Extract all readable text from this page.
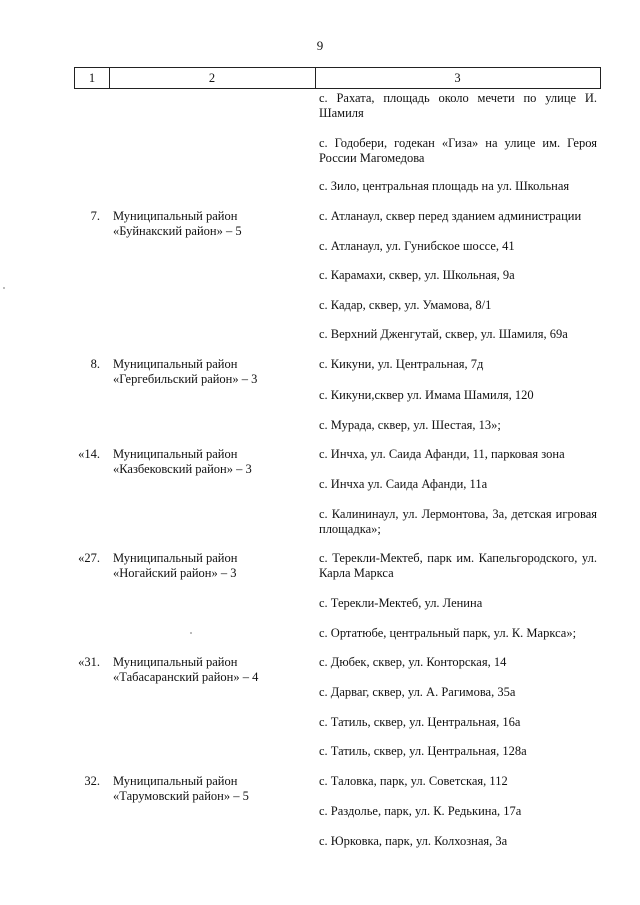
9
1	2	3
с. Рахата, площадь около мечети по улице И. Шамиля
с. Годобери, годекан «Гиза» на улице им. Героя России Магомедова
с. Зило, центральная площадь на ул. Школьная
7. Муниципальный район
«Буйнакский район» – 5
с. Атланаул, сквер перед зданием администрации
с. Атланаул, ул. Гунибское шоссе, 41
с. Карамахи, сквер, ул. Школьная, 9а
с. Кадар, сквер, ул. Умамова, 8/1
с. Верхний Дженгутай, сквер, ул. Шамиля, 69а
8. Муниципальный район
«Гергебильский район» – 3
с. Кикуни, ул. Центральная, 7д
с. Кикуни,сквер ул. Имама Шамиля, 120
с. Мурада, сквер, ул. Шестая, 13»;
«14. Муниципальный район
«Казбековский район» – 3
с. Инчха, ул. Саида Афанди, 11, парковая зона
с. Инчха ул. Саида Афанди, 11а
с. Калининаул, ул. Лермонтова, 3а, детская игровая площадка»;
«27. Муниципальный район
«Ногайский район» – 3
с. Терекли-Мектеб, парк им. Капельгородского, ул. Карла Маркса
с. Терекли-Мектеб, ул. Ленина
с. Ортатюбе, центральный парк, ул. К. Маркса»;
«31. Муниципальный район
«Табасаранский район» – 4
с. Дюбек, сквер, ул. Конторская, 14
с. Дарваг, сквер, ул. А. Рагимова, 35а
с. Татиль, сквер, ул. Центральная, 16а
с. Татиль, сквер, ул. Центральная, 128а
32. Муниципальный район
«Тарумовский район» – 5
с. Таловка, парк, ул. Советская, 112
с. Раздолье, парк, ул. К. Редькина, 17а
с. Юрковка, парк, ул. Колхозная, 3а
